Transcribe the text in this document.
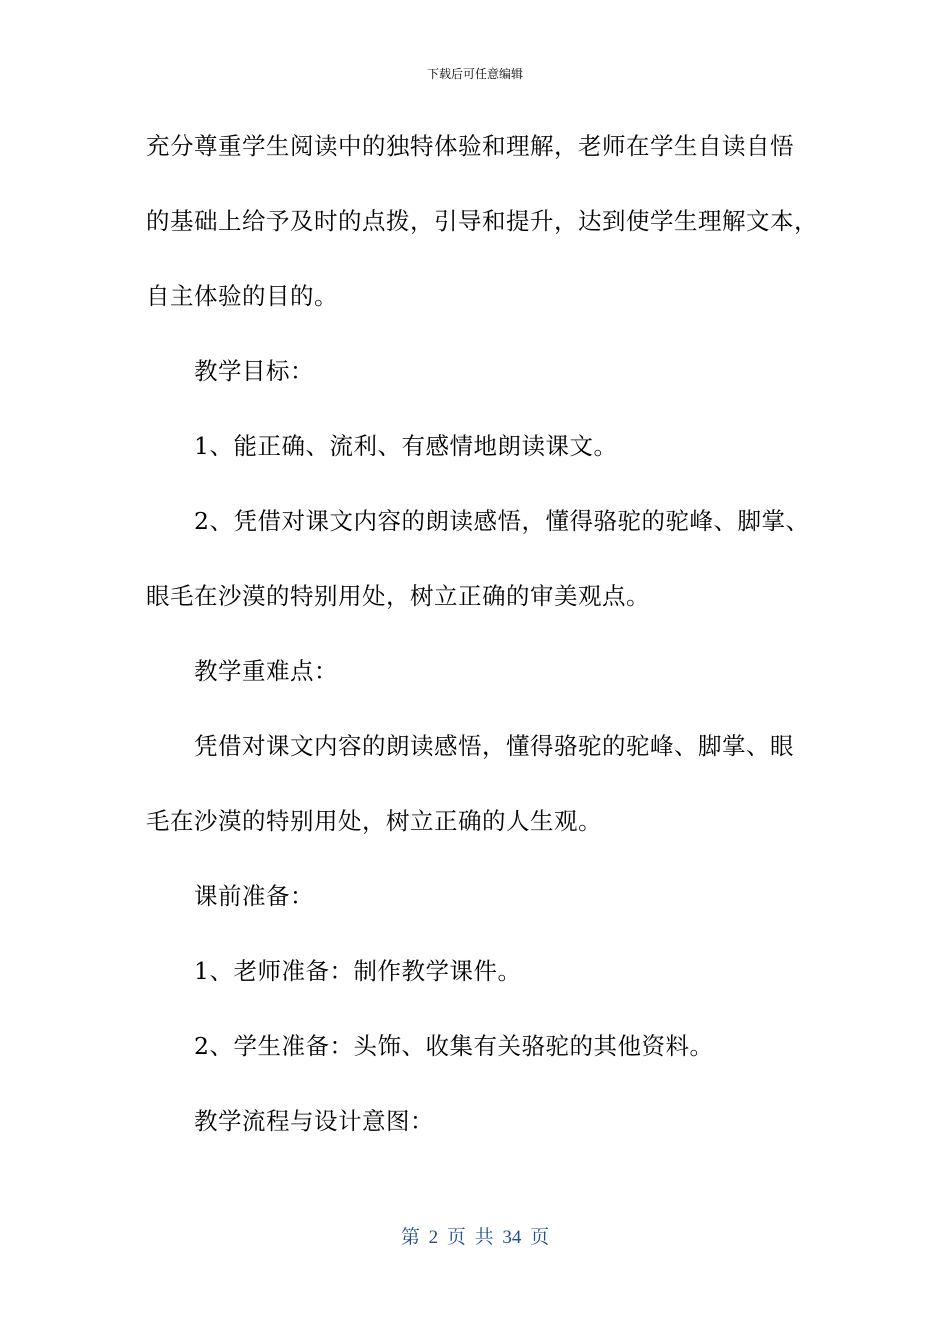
下载后可任意编辑
充分尊重学生阅读中的独特体验和理解，老师在学生自读自悟
的基础上给予及时的点拨，引导和提升，达到使学生理解文本，
自主体验的目的。
教学目标：
1、能正确、流利、有感情地朗读课文。
2、凭借对课文内容的朗读感悟，懂得骆驼的驼峰、脚掌、
眼毛在沙漠的特别用处，树立正确的审美观点。
教学重难点：
凭借对课文内容的朗读感悟，懂得骆驼的驼峰、脚掌、眼
毛在沙漠的特别用处，树立正确的人生观。
课前准备：
1、老师准备：制作教学课件。
2、学生准备：头饰、收集有关骆驼的其他资料。
教学流程与设计意图：
第 2 页 共 34 页
